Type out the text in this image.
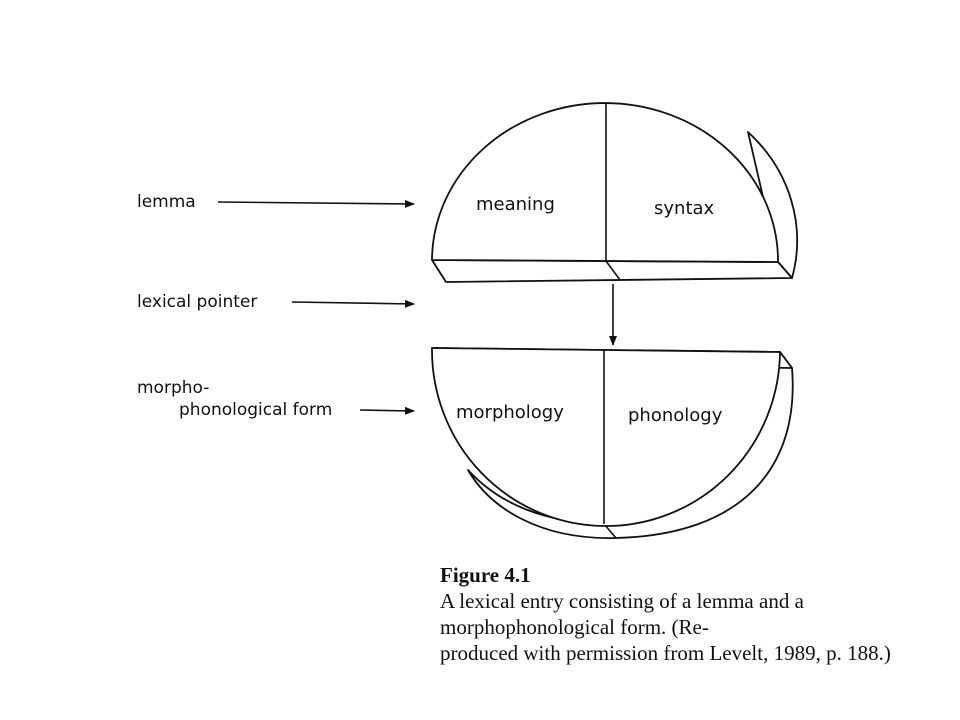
lemma
lexical pointer
morpho-
phonological form
meaning	syntax
morphology	phonology
Figure 4.1
A lexical entry consisting of a lemma and a morphophonological form. (Re-
produced with permission from Levelt, 1989, p. 188.)
